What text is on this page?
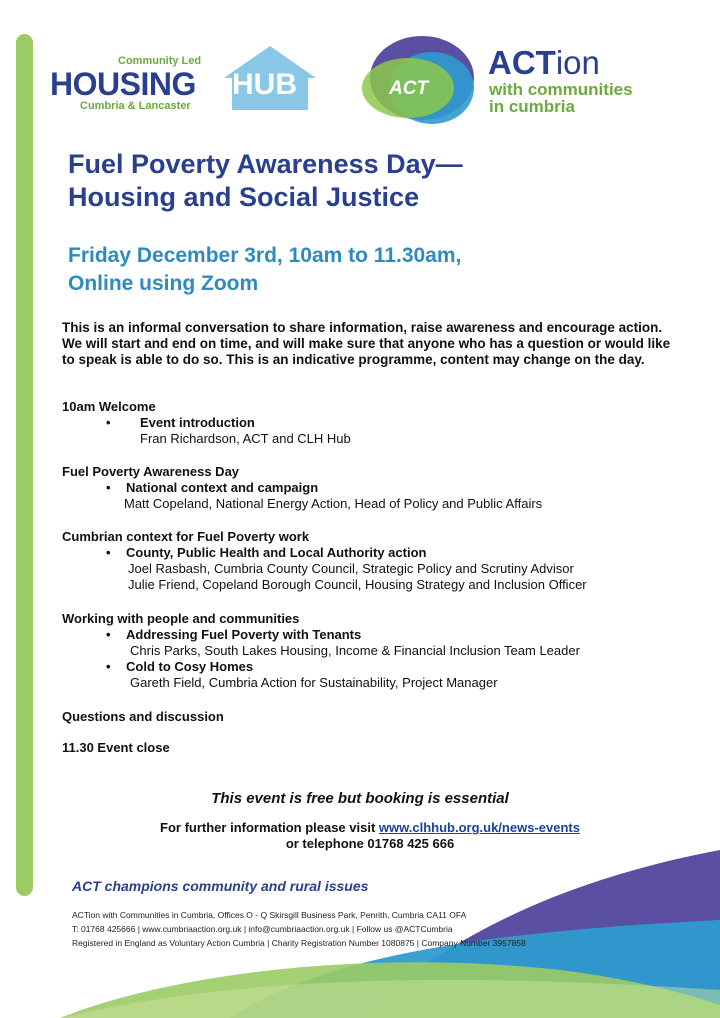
Community Led
HOUSING HUB
Cumbria & Lancaster
ACT
ACTion
with communities
in cumbria
Fuel Poverty Awareness Day—
Housing and Social Justice
Friday December 3rd, 10am to 11.30am,
Online using Zoom

This is an informal conversation to share information, raise awareness and encourage action. We will start and end on time, and will make sure that anyone who has a question or would like to speak is able to do so. This is an indicative programme, content may change on the day.

10am Welcome
• Event introduction
Fran Richardson, ACT and CLH Hub
Fuel Poverty Awareness Day
• National context and campaign
Matt Copeland, National Energy Action, Head of Policy and Public Affairs
Cumbrian context for Fuel Poverty work
• County, Public Health and Local Authority action
Joel Rasbash, Cumbria County Council, Strategic Policy and Scrutiny Advisor
Julie Friend, Copeland Borough Council, Housing Strategy and Inclusion Officer
Working with people and communities
• Addressing Fuel Poverty with Tenants
Chris Parks, South Lakes Housing, Income & Financial Inclusion Team Leader
• Cold to Cosy Homes
Gareth Field, Cumbria Action for Sustainability, Project Manager
Questions and discussion
11.30 Event close
This event is free but booking is essential
For further information please visit www.clhhub.org.uk/news-events
or telephone 01768 425 666
ACT champions community and rural issues
ACTion with Communities in Cumbria, Offices O - Q Skirsgill Business Park, Penrith, Cumbria CA11 OFA
T: 01768 425666 | www.cumbriaaction.org.uk | info@cumbriaaction.org.uk | Follow us @ACTCumbria
Registered in England as Voluntary Action Cumbria | Charity Registration Number 1080875 | Company Number 3957858
